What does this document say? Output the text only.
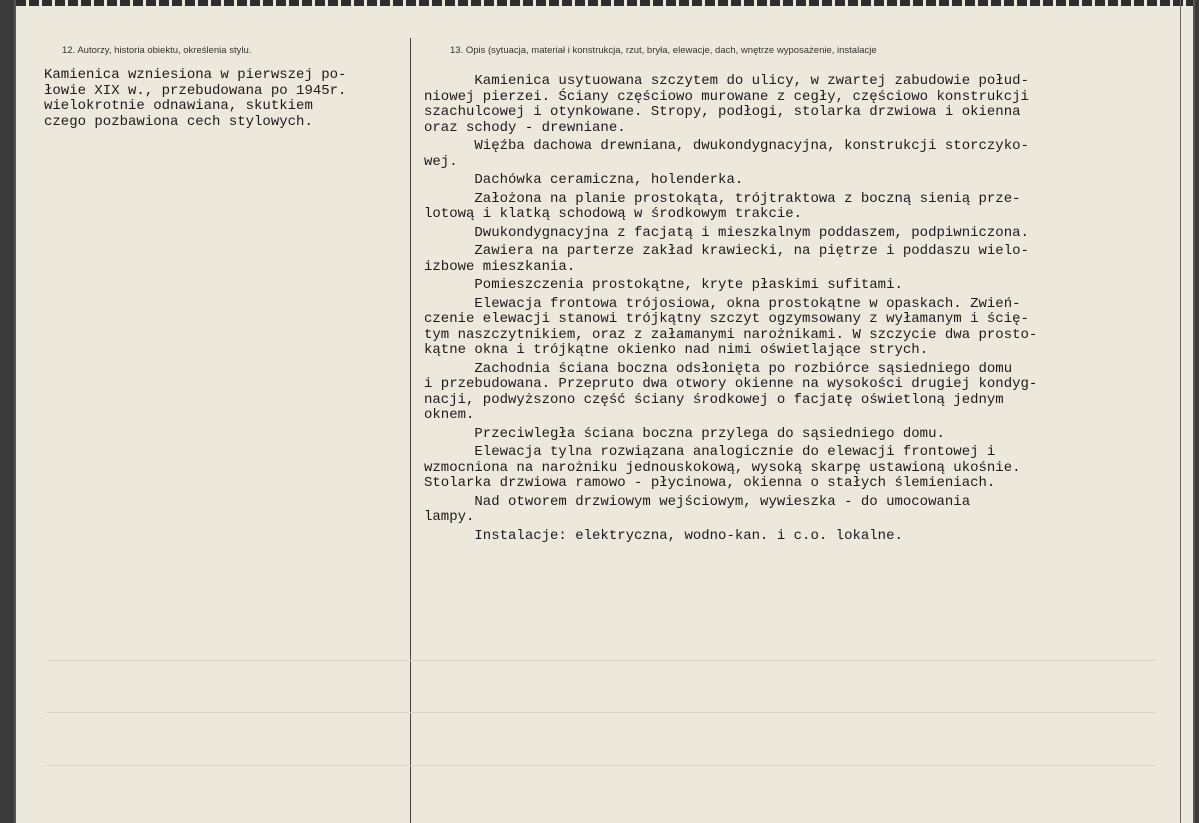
12. Autorzy, historia obiektu, określenia stylu.	13. Opis (sytuacja, materiał i konstrukcja, rzut, bryła, elewacje, dach, wnętrze wyposażenie, instalacje
Kamienica wzniesiona w pierwszej po-
łowie XIX w., przebudowana po 1945r.
wielokrotnie odnawiana, skutkiem
czego pozbawiona cech stylowych.
Kamienica usytuowana szczytem do ulicy, w zwartej zabudowie połud-
niowej pierzei. Ściany częściowo murowane z cegły, częściowo konstrukcji
szachulcowej i otynkowane. Stropy, podłogi, stolarka drzwiowa i okienna
oraz schody - drewniane.
Więźba dachowa drewniana, dwukondygnacyjna, konstrukcji storczyko-
wej.
Dachówka ceramiczna, holenderka.
Założona na planie prostokąta, trójtraktowa z boczną sienią prze-
lotową i klatką schodową w środkowym trakcie.
Dwukondygnacyjna z facjatą i mieszkalnym poddaszem, podpiwniczona.
Zawiera na parterze zakład krawiecki, na piętrze i poddaszu wielo-
izbowe mieszkania.
Pomieszczenia prostokątne, kryte płaskimi sufitami.
Elewacja frontowa trójosiowa, okna prostokątne w opaskach. Zwień-
czenie elewacji stanowi trójkątny szczyt ogzymsowany z wyłamanym i ścię-
tym naszczytnikiem, oraz z załamanymi narożnikami. W szczycie dwa prosto-
kątne okna i trójkątne okienko nad nimi oświetlające strych.
Zachodnia ściana boczna odsłonięta po rozbiórce sąsiedniego domu
i przebudowana. Przepruto dwa otwory okienne na wysokości drugiej kondyg-
nacji, podwyższono część ściany środkowej o facjatę oświetloną jednym
oknem.
Przeciwległa ściana boczna przylega do sąsiedniego domu.
Elewacja tylna rozwiązana analogicznie do elewacji frontowej i
wzmocniona na narożniku jednouskokową, wysoką skarpę ustawioną ukośnie.
Stolarka drzwiowa ramowo - płycinowa, okienna o stałych ślemieniach.
Nad otworem drzwiowym wejściowym, wywieszka - do umocowania
lampy.
Instalacje: elektryczna, wodno-kan. i c.o. lokalne.
